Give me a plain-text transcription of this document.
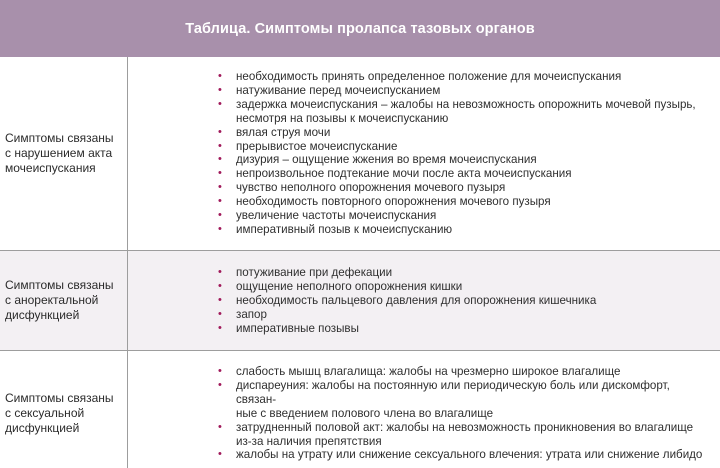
Таблица. Симптомы пролапса тазовых органов
Симптомы связаны
с нарушением акта
мочеиспускания
• необходимость принять определенное положение для мочеиспускания
• натуживание перед мочеиспусканием
• задержка мочеиспускания – жалобы на невозможность опорожнить мочевой пузырь,
несмотря на позывы к мочеиспусканию
• вялая струя мочи
• прерывистое мочеиспускание
• дизурия – ощущение жжения во время мочеиспускания
• непроизвольное подтекание мочи после акта мочеиспускания
• чувство неполного опорожнения мочевого пузыря
• необходимость повторного опорожнения мочевого пузыря
• увеличение частоты мочеиспускания
• императивный позыв к мочеиспусканию
Симптомы связаны
с аноректальной
дисфункцией
• потуживание при дефекации
• ощущение неполного опорожнения кишки
• необходимость пальцевого давления для опорожнения кишечника
• запор
• императивные позывы
Симптомы связаны
с сексуальной
дисфункцией
• слабость мышц влагалища: жалобы на чрезмерно широкое влагалище
• диспареуния: жалобы на постоянную или периодическую боль или дискомфорт, связан-
ные с введением полового члена во влагалище
• затрудненный половой акт: жалобы на невозможность проникновения во влагалище
из-за наличия препятствия
• жалобы на утрату или снижение сексуального влечения: утрата или снижение либидо
